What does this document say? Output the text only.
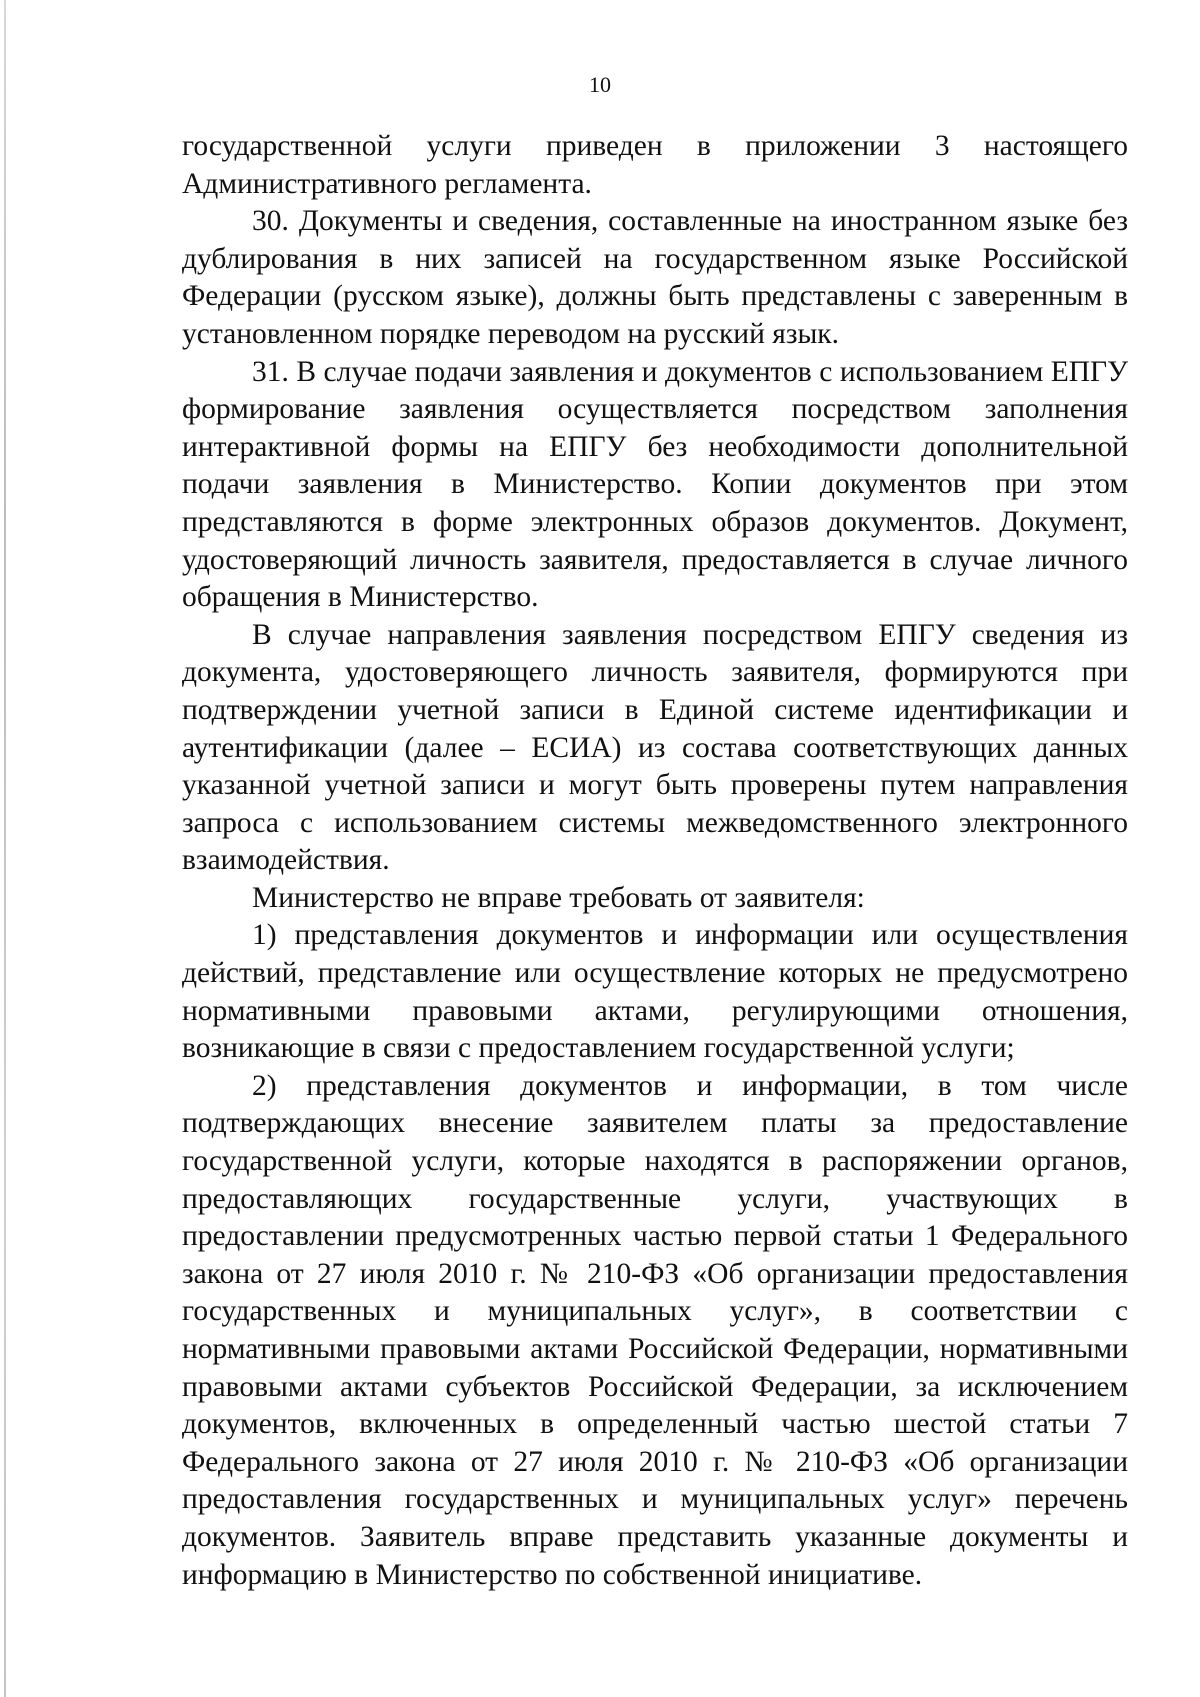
10

государственной услуги приведен в приложении 3 настоящего Административного регламента.

30. Документы и сведения, составленные на иностранном языке без дублирования в них записей на государственном языке Российской Федерации (русском языке), должны быть представлены с заверенным в установленном порядке переводом на русский язык.

31. В случае подачи заявления и документов с использованием ЕПГУ формирование заявления осуществляется посредством заполнения интерактивной формы на ЕПГУ без необходимости дополнительной подачи заявления в Министерство. Копии документов при этом представляются в форме электронных образов документов. Документ, удостоверяющий личность заявителя, предоставляется в случае личного обращения в Министерство.

В случае направления заявления посредством ЕПГУ сведения из документа, удостоверяющего личность заявителя, формируются при подтверждении учетной записи в Единой системе идентификации и аутентификации (далее – ЕСИА) из состава соответствующих данных указанной учетной записи и могут быть проверены путем направления запроса с использованием системы межведомственного электронного взаимодействия.

Министерство не вправе требовать от заявителя:

1) представления документов и информации или осуществления действий, представление или осуществление которых не предусмотрено нормативными правовыми актами, регулирующими отношения, возникающие в связи с предоставлением государственной услуги;

2) представления документов и информации, в том числе подтверждающих внесение заявителем платы за предоставление государственной услуги, которые находятся в распоряжении органов, предоставляющих государственные услуги, участвующих в предоставлении предусмотренных частью первой статьи 1 Федерального закона от 27 июля 2010 г. № 210-ФЗ «Об организации предоставления государственных и муниципальных услуг», в соответствии с нормативными правовыми актами Российской Федерации, нормативными правовыми актами субъектов Российской Федерации, за исключением документов, включенных в определенный частью шестой статьи 7 Федерального закона от 27 июля 2010 г. № 210-ФЗ «Об организации предоставления государственных и муниципальных услуг» перечень документов. Заявитель вправе представить указанные документы и информацию в Министерство по собственной инициативе.
